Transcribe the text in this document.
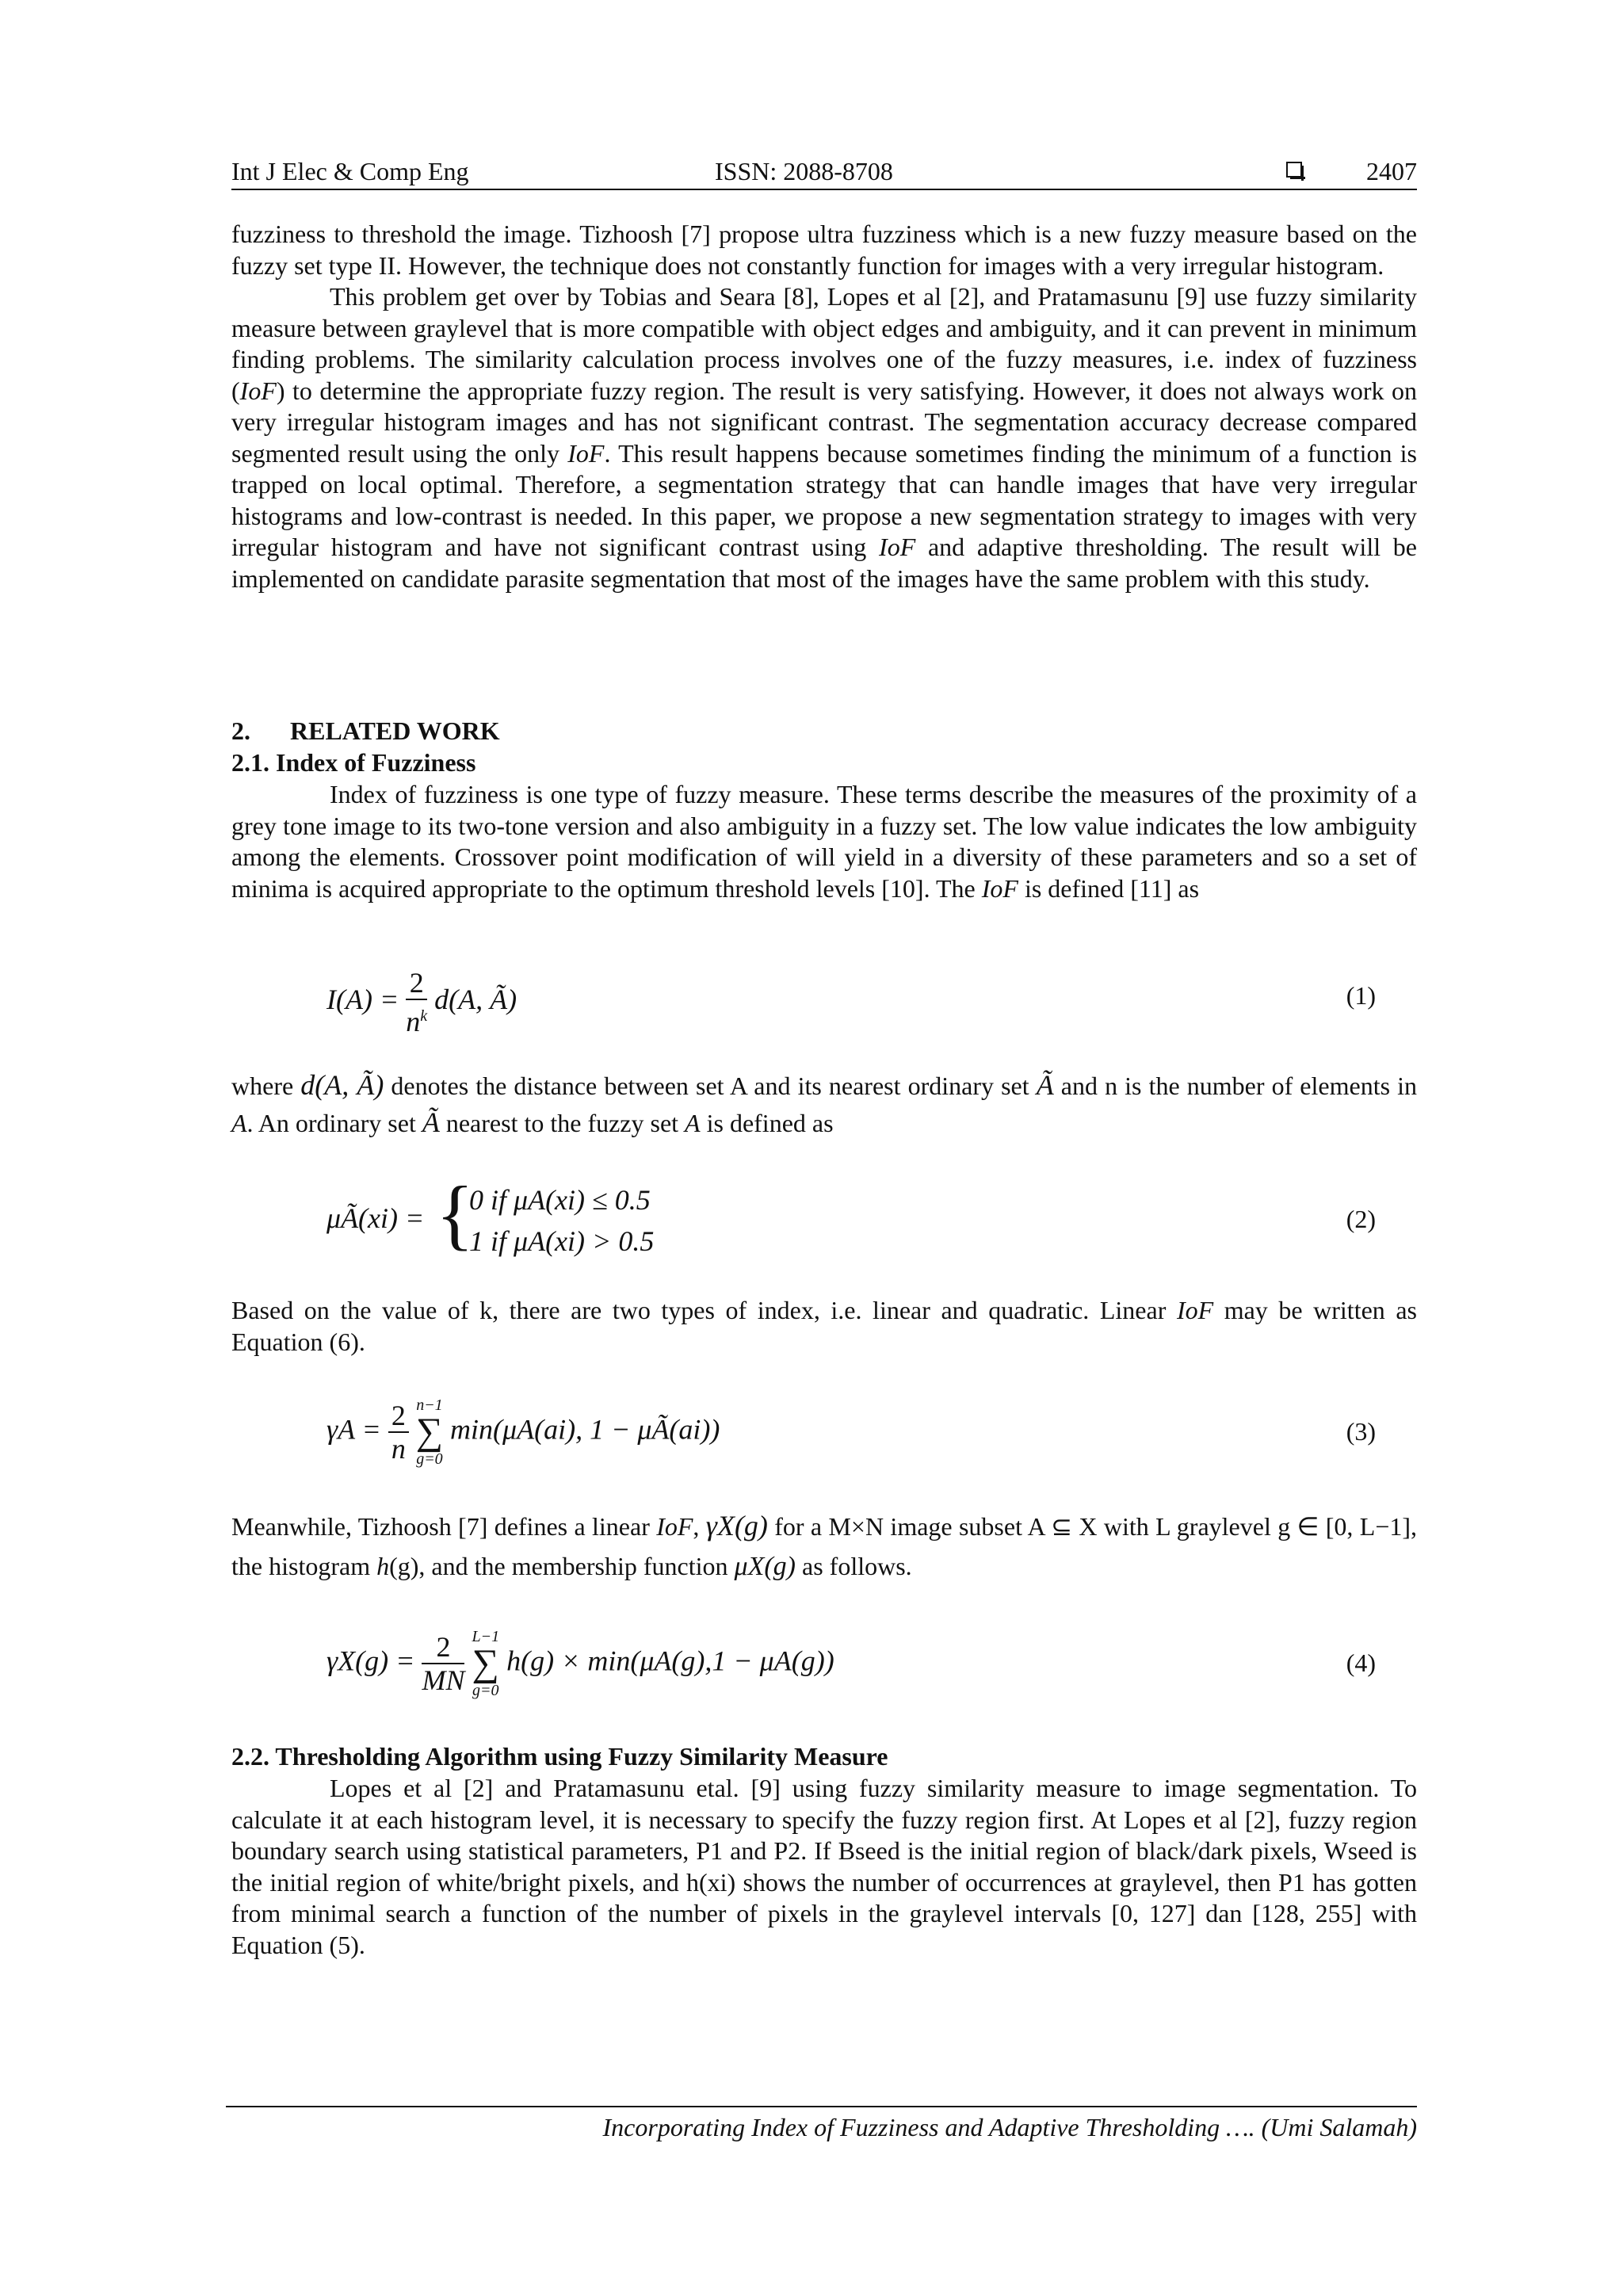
Int J Elec & Comp Eng	ISSN: 2088-8708	2407

fuzziness to threshold the image. Tizhoosh [7] propose ultra fuzziness which is a new fuzzy measure based on the fuzzy set type II. However, the technique does not constantly function for images with a very irregular histogram.

This problem get over by Tobias and Seara [8], Lopes et al [2], and Pratamasunu [9] use fuzzy similarity measure between graylevel that is more compatible with object edges and ambiguity, and it can prevent in minimum finding problems. The similarity calculation process involves one of the fuzzy measures, i.e. index of fuzziness (IoF) to determine the appropriate fuzzy region. The result is very satisfying. However, it does not always work on very irregular histogram images and has not significant contrast. The segmentation accuracy decrease compared segmented result using the only IoF. This result happens because sometimes finding the minimum of a function is trapped on local optimal. Therefore, a segmentation strategy that can handle images that have very irregular histograms and low-contrast is needed. In this paper, we propose a new segmentation strategy to images with very irregular histogram and have not significant contrast using IoF and adaptive thresholding. The result will be implemented on candidate parasite segmentation that most of the images have the same problem with this study.

2. RELATED WORK
2.1. Index of Fuzziness

Index of fuzziness is one type of fuzzy measure. These terms describe the measures of the proximity of a grey tone image to its two-tone version and also ambiguity in a fuzzy set. The low value indicates the low ambiguity among the elements. Crossover point modification of will yield in a diversity of these parameters and so a set of minima is acquired appropriate to the optimum threshold levels [10]. The IoF is defined [11] as

$I(A) = \frac{2}{n^k} d(A$, Ã)	(1)

where d(A, Ã) denotes the distance between set A and its nearest ordinary set Ã and n is the number of elements in A. An ordinary set Ã nearest to the fuzzy set A is defined as

μÃ(xi) = {
0 if μA(xi) ≤ 0.5
1 if μA(xi) > 0.5
(2)

Based on the value of k, there are two types of index, i.e. linear and quadratic. Linear IoF may be written as Equation (6).

$\gamma A = \frac{2}{n}$
n−1
∑
g=0
min(μA(ai), 1 − μÃ(ai))	(3)

Meanwhile, Tizhoosh [7] defines a linear IoF, γX(g) for a M×N image subset A ⊆ X with L graylevel g ∈ [0, L−1], the histogram h(g), and the membership function μX(g) as follows.

$\gamma X(g) = \frac{2}{MN}$
L−1
∑
g=0
h(g) × min(μA(g),1 − μA(g))	(4)
2.2. Thresholding Algorithm using Fuzzy Similarity Measure

Lopes et al [2] and Pratamasunu etal. [9] using fuzzy similarity measure to image segmentation. To calculate it at each histogram level, it is necessary to specify the fuzzy region first. At Lopes et al [2], fuzzy region boundary search using statistical parameters, P1 and P2. If Bseed is the initial region of black/dark pixels, Wseed is the initial region of white/bright pixels, and h(xi) shows the number of occurrences at graylevel, then P1 has gotten from minimal search a function of the number of pixels in the graylevel intervals [0, 127] dan [128, 255] with Equation (5).

Incorporating Index of Fuzziness and Adaptive Thresholding …. (Umi Salamah)
